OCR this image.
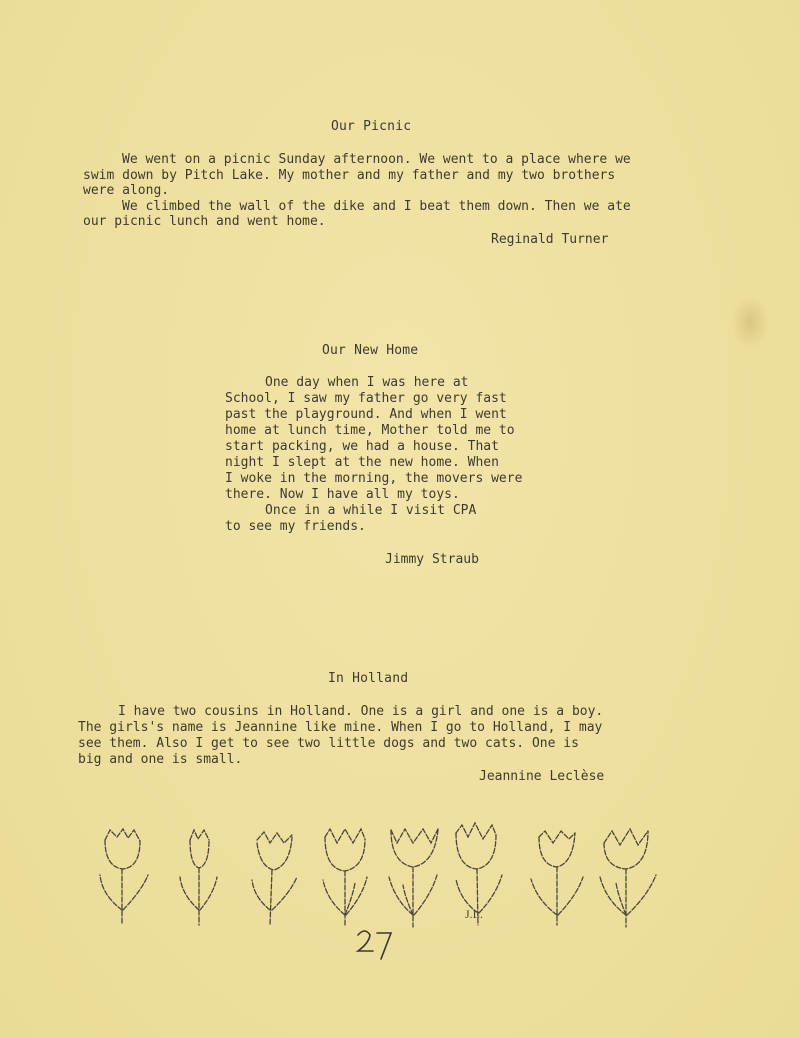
Our Picnic
We went on a picnic Sunday afternoon. We went to a place where we
swim down by Pitch Lake. My mother and my father and my two brothers
were along.
We climbed the wall of the dike and I beat them down. Then we ate
our picnic lunch and went home.
Reginald Turner
Our New Home
One day when I was here at
School, I saw my father go very fast
past the playground. And when I went
home at lunch time, Mother told me to
start packing, we had a house. That
night I slept at the new home. When
I woke in the morning, the movers were
there. Now I have all my toys.
Once in a while I visit CPA
to see my friends.
Jimmy Straub
In Holland
I have two cousins in Holland. One is a girl and one is a boy.
The girls's name is Jeannine like mine. When I go to Holland, I may
see them. Also I get to see two little dogs and two cats. One is
big and one is small.
Jeannine Leclèse
J.L.
